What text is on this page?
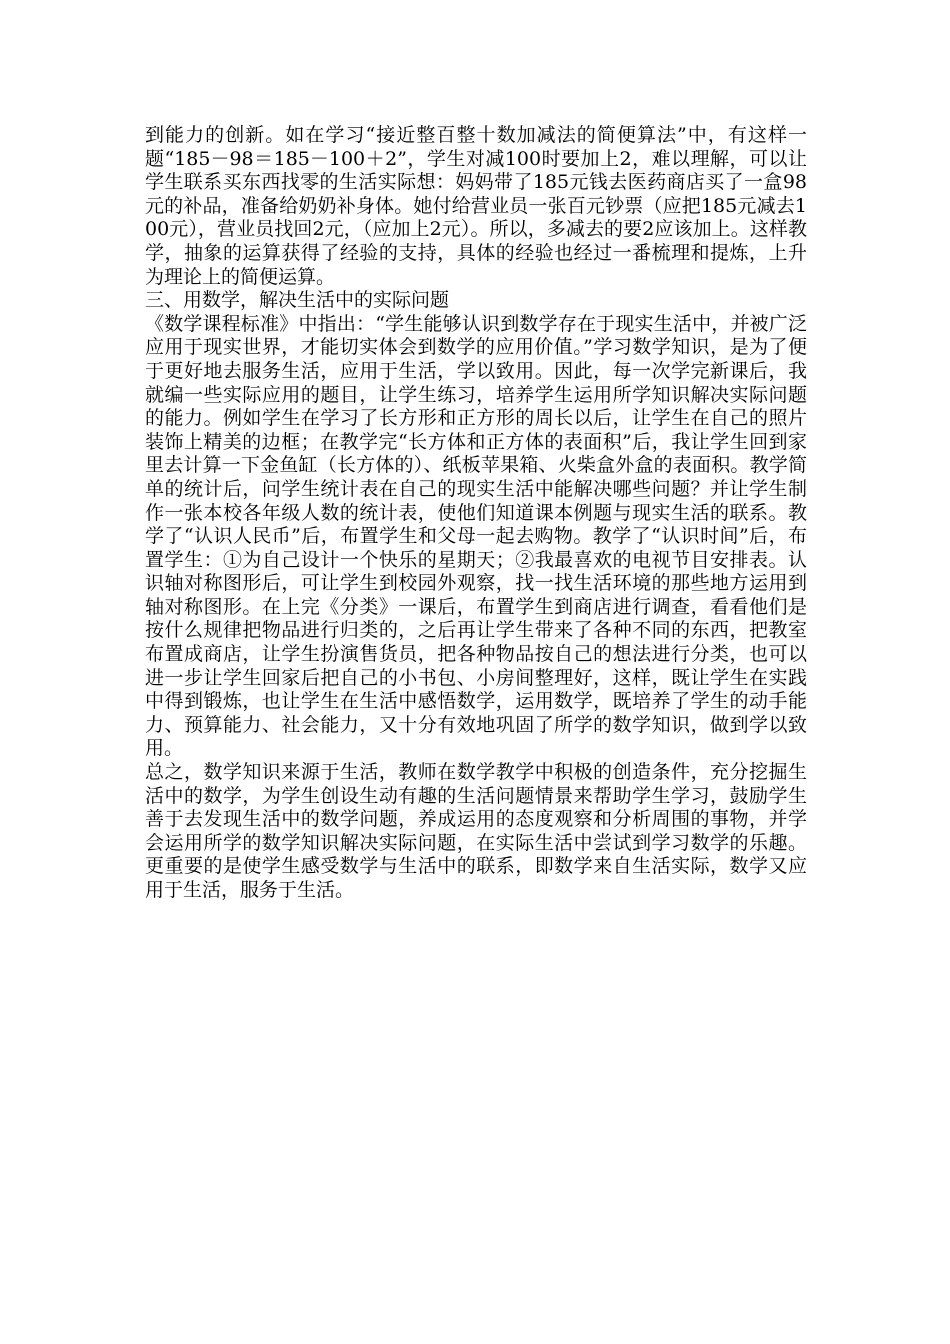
到能力的创新。如在学习“接近整百整十数加减法的简便算法”中，有这样一题“185－98＝185－100＋2”，学生对减100时要加上2，难以理解，可以让学生联系买东西找零的生活实际想：妈妈带了185元钱去医药商店买了一盒98元的补品，准备给奶奶补身体。她付给营业员一张百元钞票（应把185元减去100元），营业员找回2元，（应加上2元）。所以，多减去的要2应该加上。这样教学，抽象的运算获得了经验的支持，具体的经验也经过一番梳理和提炼，上升为理论上的简便运算。

三、用数学，解决生活中的实际问题

《数学课程标准》中指出：“学生能够认识到数学存在于现实生活中，并被广泛应用于现实世界，才能切实体会到数学的应用价值。”学习数学知识，是为了便于更好地去服务生活，应用于生活，学以致用。因此，每一次学完新课后，我就编一些实际应用的题目，让学生练习，培养学生运用所学知识解决实际问题的能力。例如学生在学习了长方形和正方形的周长以后，让学生在自己的照片装饰上精美的边框；在教学完“长方体和正方体的表面积”后，我让学生回到家里去计算一下金鱼缸（长方体的）、纸板苹果箱、火柴盒外盒的表面积。教学简单的统计后，问学生统计表在自己的现实生活中能解决哪些问题？并让学生制作一张本校各年级人数的统计表，使他们知道课本例题与现实生活的联系。教学了“认识人民币”后，布置学生和父母一起去购物。教学了“认识时间”后，布置学生：①为自己设计一个快乐的星期天；②我最喜欢的电视节目安排表。认识轴对称图形后，可让学生到校园外观察，找一找生活环境的那些地方运用到轴对称图形。在上完《分类》一课后，布置学生到商店进行调查，看看他们是按什么规律把物品进行归类的，之后再让学生带来了各种不同的东西，把教室布置成商店，让学生扮演售货员，把各种物品按自己的想法进行分类，也可以进一步让学生回家后把自己的小书包、小房间整理好，这样，既让学生在实践中得到锻炼，也让学生在生活中感悟数学，运用数学，既培养了学生的动手能力、预算能力、社会能力，又十分有效地巩固了所学的数学知识，做到学以致用。

总之，数学知识来源于生活，教师在数学教学中积极的创造条件，充分挖掘生活中的数学，为学生创设生动有趣的生活问题情景来帮助学生学习，鼓励学生善于去发现生活中的数学问题，养成运用的态度观察和分析周围的事物，并学会运用所学的数学知识解决实际问题，在实际生活中尝试到学习数学的乐趣。更重要的是使学生感受数学与生活中的联系，即数学来自生活实际，数学又应用于生活，服务于生活。
